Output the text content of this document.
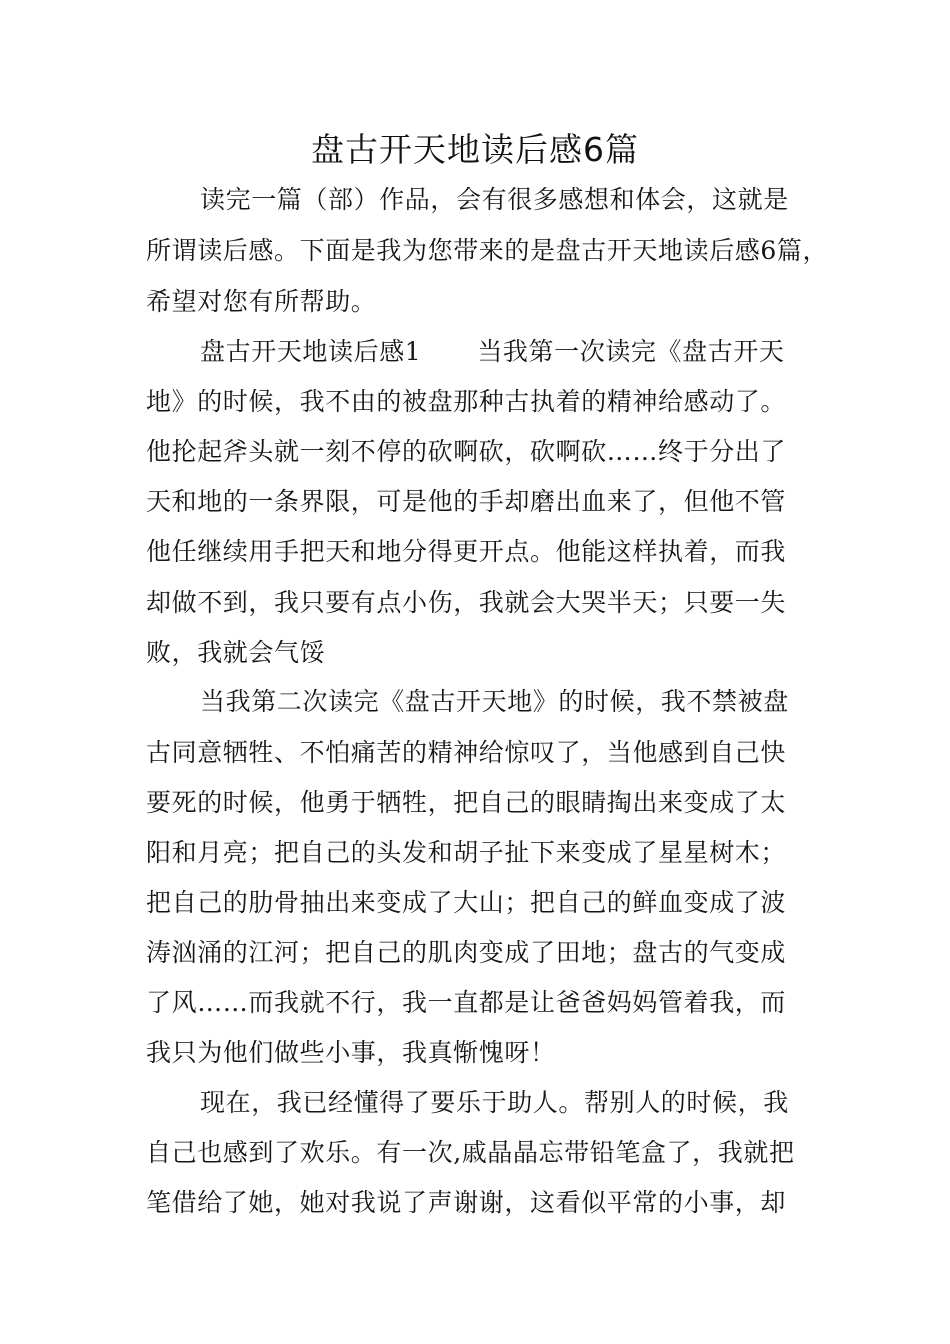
盘古开天地读后感6篇
读完一篇（部）作品，会有很多感想和体会，这就是
所谓读后感。下面是我为您带来的是盘古开天地读后感6篇，
希望对您有所帮助。
盘古开天地读后感1 当我第一次读完《盘古开天
地》的时候，我不由的被盘那种古执着的精神给感动了。
他抡起斧头就一刻不停的砍啊砍，砍啊砍……终于分出了
天和地的一条界限，可是他的手却磨出血来了，但他不管
他任继续用手把天和地分得更开点。他能这样执着，而我
却做不到，我只要有点小伤，我就会大哭半天；只要一失
败，我就会气馁
当我第二次读完《盘古开天地》的时候，我不禁被盘
古同意牺牲、不怕痛苦的精神给惊叹了，当他感到自己快
要死的时候，他勇于牺牲，把自己的眼睛掏出来变成了太
阳和月亮；把自己的头发和胡子扯下来变成了星星树木；
把自己的肋骨抽出来变成了大山；把自己的鲜血变成了波
涛汹涌的江河；把自己的肌肉变成了田地；盘古的气变成
了风……而我就不行，我一直都是让爸爸妈妈管着我，而
我只为他们做些小事，我真惭愧呀！
现在，我已经懂得了要乐于助人。帮别人的时候，我
自己也感到了欢乐。有一次,戚晶晶忘带铅笔盒了，我就把
笔借给了她，她对我说了声谢谢，这看似平常的小事，却
